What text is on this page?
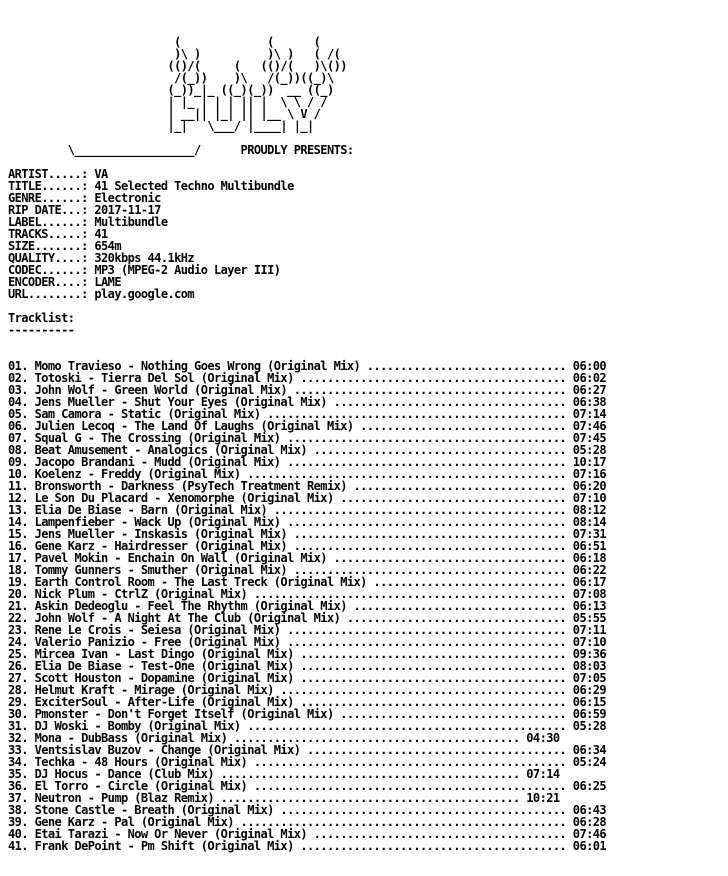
(             (      (
)\ )          )\ )   ( /(
(()/(     (   (()/(   )\())
/(_))    )\   /(_))((_)\
(_))_|_ ((_)(_))  __ ((_)
| |_ | | | || |  \ \ / /
| __|| |_| || |__ \ V /
|_|   \___/ |____| |_|
\__________________/      PROUDLY PRESENTS:
ARTIST.....: VA
TITLE......: 41 Selected Techno Multibundle
GENRE......: Electronic
RIP DATE...: 2017-11-17
LABEL......: Multibundle
TRACKS.....: 41
SIZE.......: 654m
QUALITY....: 320kbps 44.1kHz
CODEC......: MP3 (MPEG-2 Audio Layer III)
ENCODER....: LAME
URL........: play.google.com
Tracklist:
----------
01. Momo Travieso - Nothing Goes Wrong (Original Mix) .............................. 06:00
02. Totoski - Tierra Del Sol (Original Mix) ........................................ 06:02
03. John Wolf - Green World (Original Mix) ......................................... 06:27
04. Jens Mueller - Shut Your Eyes (Original Mix) ................................... 06:38
05. Sam Camora - Static (Original Mix) ............................................. 07:14
06. Julien Lecoq - The Land Of Laughs (Original Mix) ............................... 07:46
07. Squal G - The Crossing (Original Mix) .......................................... 07:45
08. Beat Amusement - Analogics (Original Mix) ...................................... 05:28
09. Jacopo Brandani - Mudd (Original Mix) .......................................... 10:17
10. Koelenz - Freddy (Original Mix) ................................................ 07:16
11. Bronsworth - Darkness (PsyTech Treatment Remix) ................................ 06:20
12. Le Son Du Placard - Xenomorphe (Original Mix) .................................. 07:10
13. Elia De Biase - Barn (Original Mix) ............................................ 08:12
14. Lampenfieber - Wack Up (Original Mix) .......................................... 08:14
15. Jens Mueller - Inskasis (Original Mix) ......................................... 07:31
16. Gene Karz - Hairdresser (Original Mix) ......................................... 06:51
17. Pavel Mokin - Enchain On Wall (Original Mix) ................................... 06:18
18. Tommy Gunners - Smuther (Original Mix) ......................................... 06:22
19. Earth Control Room - The Last Treck (Original Mix) ............................. 06:17
20. Nick Plum - CtrlZ (Original Mix) ............................................... 07:08
21. Askin Dedeoglu - Feel The Rhythm (Original Mix) ................................ 06:13
22. John Wolf - A Night At The Club (Original Mix) ................................. 05:55
23. Rene Le Crois - Seiesa (Original Mix) .......................................... 07:11
24. Valerio Panizio - Free (Original Mix) .......................................... 07:10
25. Mircea Ivan - Last Dingo (Original Mix) ........................................ 09:36
26. Elia De Biase - Test-One (Original Mix) ........................................ 08:03
27. Scott Houston - Dopamine (Original Mix) ........................................ 07:05
28. Helmut Kraft - Mirage (Original Mix) ........................................... 06:29
29. ExciterSoul - After-Life (Original Mix) ........................................ 06:15
30. Pmonster - Don't Forget Itself (Original Mix) .................................. 06:59
31. DJ Woski - Bomby (Original Mix) ................................................ 05:28
32. Mona - DubBass (Original Mix) ........................................... 04:30
33. Ventsislav Buzov - Change (Original Mix) ....................................... 06:34
34. Techka - 48 Hours (Original Mix) ............................................... 05:24
35. DJ Hocus - Dance (Club Mix) ............................................. 07:14
36. El Torro - Circle (Original Mix) ............................................... 06:25
37. Neutron - Pump (Blaz Remix) ............................................. 10:21
38. Stone Castle - Breath (Original Mix) ........................................... 06:43
39. Gene Karz - Pal (Original Mix) ................................................. 06:28
40. Etai Tarazi - Now Or Never (Original Mix) ...................................... 07:46
41. Frank DePoint - Pm Shift (Original Mix) ........................................ 06:01
